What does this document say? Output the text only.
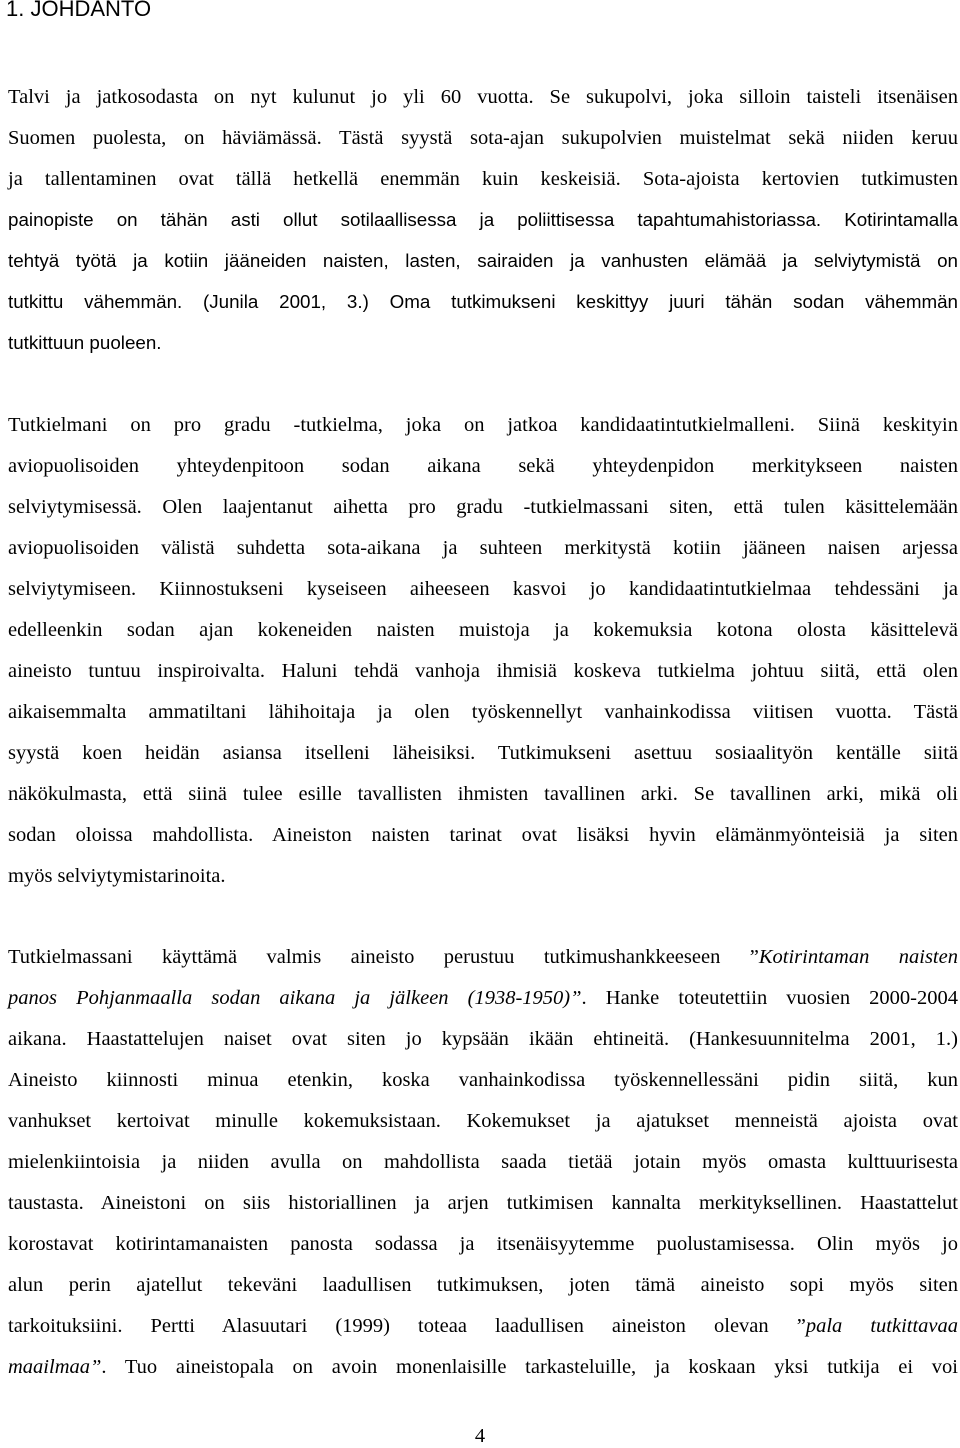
1. JOHDANTO
Talvi ja jatkosodasta on nyt kulunut jo yli 60 vuotta. Se sukupolvi, joka silloin taisteli itsenäisen
Suomen puolesta, on häviämässä. Tästä syystä sota-ajan sukupolvien muistelmat sekä niiden keruu
ja tallentaminen ovat tällä hetkellä enemmän kuin keskeisiä. Sota-ajoista kertovien tutkimusten
painopiste on tähän asti ollut sotilaallisessa ja poliittisessa tapahtumahistoriassa. Kotirintamalla
tehtyä työtä ja kotiin jääneiden naisten, lasten, sairaiden ja vanhusten elämää ja selviytymistä on
tutkittu vähemmän. (Junila 2001, 3.) Oma tutkimukseni keskittyy juuri tähän sodan vähemmän
tutkittuun puoleen.
Tutkielmani on pro gradu -tutkielma, joka on jatkoa kandidaatintutkielmalleni. Siinä keskityin
aviopuolisoiden yhteydenpitoon sodan aikana sekä yhteydenpidon merkitykseen naisten
selviytymisessä. Olen laajentanut aihetta pro gradu -tutkielmassani siten, että tulen käsittelemään
aviopuolisoiden välistä suhdetta sota-aikana ja suhteen merkitystä kotiin jääneen naisen arjessa
selviytymiseen. Kiinnostukseni kyseiseen aiheeseen kasvoi jo kandidaatintutkielmaa tehdessäni ja
edelleenkin sodan ajan kokeneiden naisten muistoja ja kokemuksia kotona olosta käsittelevä
aineisto tuntuu inspiroivalta. Haluni tehdä vanhoja ihmisiä koskeva tutkielma johtuu siitä, että olen
aikaisemmalta ammatiltani lähihoitaja ja olen työskennellyt vanhainkodissa viitisen vuotta. Tästä
syystä koen heidän asiansa itselleni läheisiksi. Tutkimukseni asettuu sosiaalityön kentälle siitä
näkökulmasta, että siinä tulee esille tavallisten ihmisten tavallinen arki. Se tavallinen arki, mikä oli
sodan oloissa mahdollista. Aineiston naisten tarinat ovat lisäksi hyvin elämänmyönteisiä ja siten
myös selviytymistarinoita.
Tutkielmassani käyttämä valmis aineisto perustuu tutkimushankkeeseen ”Kotirintaman naisten
panos Pohjanmaalla sodan aikana ja jälkeen (1938-1950)”. Hanke toteutettiin vuosien 2000-2004
aikana. Haastattelujen naiset ovat siten jo kypsään ikään ehtineitä. (Hankesuunnitelma 2001, 1.)
Aineisto kiinnosti minua etenkin, koska vanhainkodissa työskennellessäni pidin siitä, kun
vanhukset kertoivat minulle kokemuksistaan. Kokemukset ja ajatukset menneistä ajoista ovat
mielenkiintoisia ja niiden avulla on mahdollista saada tietää jotain myös omasta kulttuurisesta
taustasta. Aineistoni on siis historiallinen ja arjen tutkimisen kannalta merkityksellinen. Haastattelut
korostavat kotirintamanaisten panosta sodassa ja itsenäisyytemme puolustamisessa. Olin myös jo
alun perin ajatellut tekeväni laadullisen tutkimuksen, joten tämä aineisto sopi myös siten
tarkoituksiini. Pertti Alasuutari (1999) toteaa laadullisen aineiston olevan ”pala tutkittavaa
maailmaa”. Tuo aineistopala on avoin monenlaisille tarkasteluille, ja koskaan yksi tutkija ei voi
4
